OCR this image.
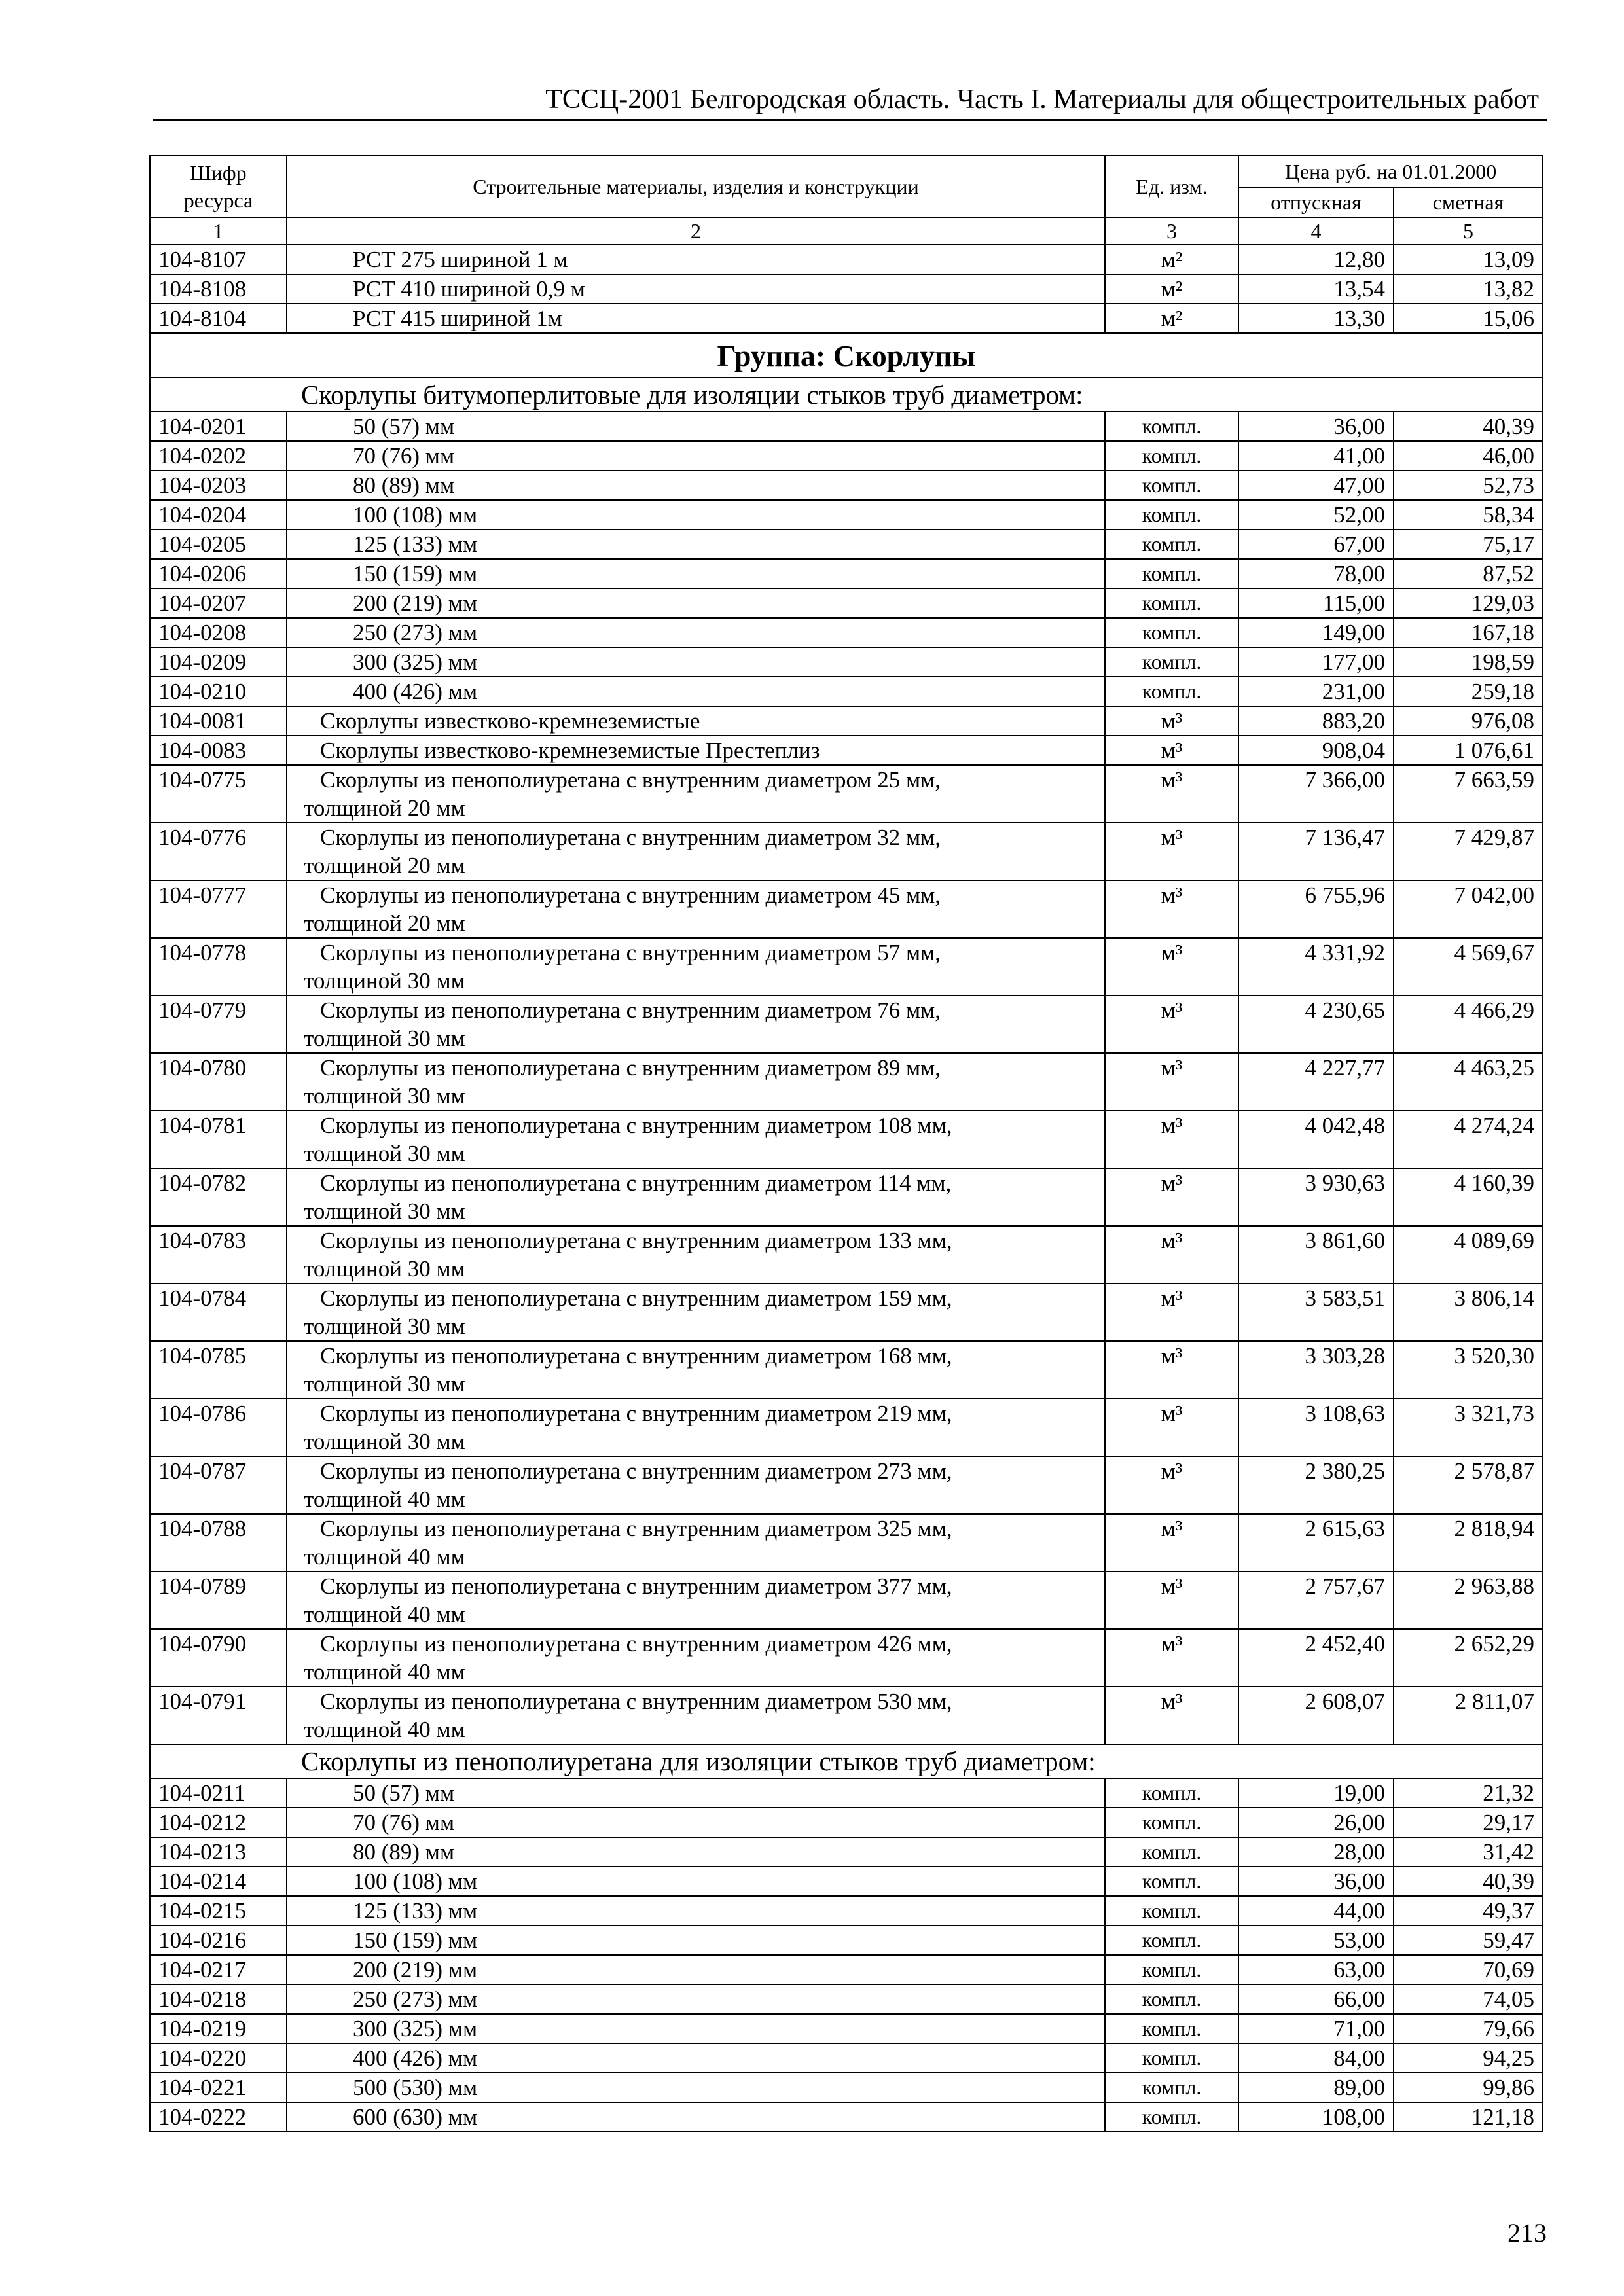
ТССЦ-2001 Белгородская область. Часть I. Материалы для общестроительных работ
Шифр ресурса	Строительные материалы, изделия и конструкции	Ед. изм.	Цена руб. на 01.01.2000	
			отпускная	сметная
1	2	3	4	5
104-8107	РСТ 275 шириной 1 м	м²	12,80	13,09
104-8108	РСТ 410 шириной 0,9 м	м²	13,54	13,82
104-8104	РСТ 415 шириной 1м	м²	13,30	15,06
Группа: Скорлупы				
Скорлупы битумоперлитовые для изоляции стыков труб диаметром:				
104-0201	50 (57) мм	компл.	36,00	40,39
104-0202	70 (76) мм	компл.	41,00	46,00
104-0203	80 (89) мм	компл.	47,00	52,73
104-0204	100 (108) мм	компл.	52,00	58,34
104-0205	125 (133) мм	компл.	67,00	75,17
104-0206	150 (159) мм	компл.	78,00	87,52
104-0207	200 (219) мм	компл.	115,00	129,03
104-0208	250 (273) мм	компл.	149,00	167,18
104-0209	300 (325) мм	компл.	177,00	198,59
104-0210	400 (426) мм	компл.	231,00	259,18
104-0081	Скорлупы известково-кремнеземистые	м³	883,20	976,08
104-0083	Скорлупы известково-кремнеземистые Престеплиз	м³	908,04	1 076,61
104-0775	Скорлупы из пенополиуретана с внутренним диаметром 25 мм,
толщиной 20 мм	м³	7 366,00	7 663,59
104-0776	Скорлупы из пенополиуретана с внутренним диаметром 32 мм,
толщиной 20 мм	м³	7 136,47	7 429,87
104-0777	Скорлупы из пенополиуретана с внутренним диаметром 45 мм,
толщиной 20 мм	м³	6 755,96	7 042,00
104-0778	Скорлупы из пенополиуретана с внутренним диаметром 57 мм,
толщиной 30 мм	м³	4 331,92	4 569,67
104-0779	Скорлупы из пенополиуретана с внутренним диаметром 76 мм,
толщиной 30 мм	м³	4 230,65	4 466,29
104-0780	Скорлупы из пенополиуретана с внутренним диаметром 89 мм,
толщиной 30 мм	м³	4 227,77	4 463,25
104-0781	Скорлупы из пенополиуретана с внутренним диаметром 108 мм,
толщиной 30 мм	м³	4 042,48	4 274,24
104-0782	Скорлупы из пенополиуретана с внутренним диаметром 114 мм,
толщиной 30 мм	м³	3 930,63	4 160,39
104-0783	Скорлупы из пенополиуретана с внутренним диаметром 133 мм,
толщиной 30 мм	м³	3 861,60	4 089,69
104-0784	Скорлупы из пенополиуретана с внутренним диаметром 159 мм,
толщиной 30 мм	м³	3 583,51	3 806,14
104-0785	Скорлупы из пенополиуретана с внутренним диаметром 168 мм,
толщиной 30 мм	м³	3 303,28	3 520,30
104-0786	Скорлупы из пенополиуретана с внутренним диаметром 219 мм,
толщиной 30 мм	м³	3 108,63	3 321,73
104-0787	Скорлупы из пенополиуретана с внутренним диаметром 273 мм,
толщиной 40 мм	м³	2 380,25	2 578,87
104-0788	Скорлупы из пенополиуретана с внутренним диаметром 325 мм,
толщиной 40 мм	м³	2 615,63	2 818,94
104-0789	Скорлупы из пенополиуретана с внутренним диаметром 377 мм,
толщиной 40 мм	м³	2 757,67	2 963,88
104-0790	Скорлупы из пенополиуретана с внутренним диаметром 426 мм,
толщиной 40 мм	м³	2 452,40	2 652,29
104-0791	Скорлупы из пенополиуретана с внутренним диаметром 530 мм,
толщиной 40 мм	м³	2 608,07	2 811,07
Скорлупы из пенополиуретана для изоляции стыков труб диаметром:				
104-0211	50 (57) мм	компл.	19,00	21,32
104-0212	70 (76) мм	компл.	26,00	29,17
104-0213	80 (89) мм	компл.	28,00	31,42
104-0214	100 (108) мм	компл.	36,00	40,39
104-0215	125 (133) мм	компл.	44,00	49,37
104-0216	150 (159) мм	компл.	53,00	59,47
104-0217	200 (219) мм	компл.	63,00	70,69
104-0218	250 (273) мм	компл.	66,00	74,05
104-0219	300 (325) мм	компл.	71,00	79,66
104-0220	400 (426) мм	компл.	84,00	94,25
104-0221	500 (530) мм	компл.	89,00	99,86
104-0222	600 (630) мм	компл.	108,00	121,18
213
